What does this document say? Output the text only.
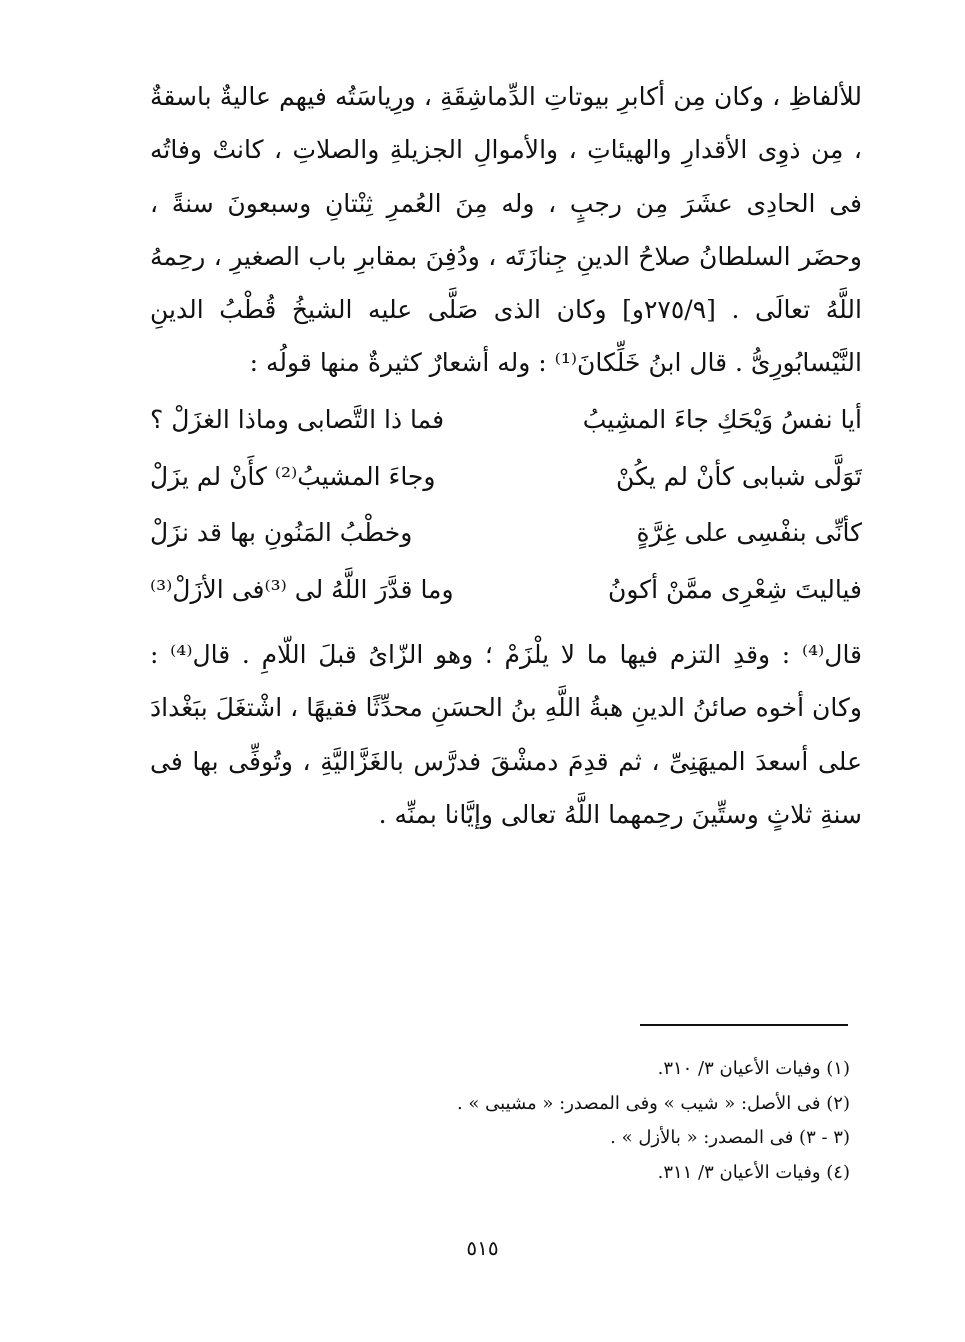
للألفاظِ ، وكان مِن أكابرِ بيوتاتِ الدِّماشِقَةِ ، ورِياسَتُه فيهم عاليةٌ باسقةٌ ، مِن ذوِى الأقدارِ والهيئاتِ ، والأموالِ الجزيلةِ والصلاتِ ، كانتْ وفاتُه فى الحادِى عشَرَ مِن رجبٍ ، وله مِنَ العُمرِ ثِنْتانِ وسبعونَ سنةً ، وحضَر السلطانُ صلاحُ الدينِ جِنازَتَه ، ودُفِنَ بمقابرِ باب الصغيرِ ، رحِمهُ اللَّهُ تعالَى . [٢٧٥/٩و] وكان الذى صَلَّى عليه الشيخُ قُطْبُ الدينِ النَّيْسابُورِىُّ . قال ابنُ خَلِّكانَ⁽¹⁾ : وله أشعارٌ كثيرةٌ منها قولُه :

أيا نفسُ وَيْحَكِ جاءَ المشِيبُ
فما ذا التَّصابى وماذا الغزَلْ ؟
تَوَلَّى شبابى كأنْ لم يكُنْ
وجاءَ المشيبُ⁽²⁾ كأَنْ لم يزَلْ
كأنِّى بنفْسِى على غِرَّةٍ
وخطْبُ المَنُونِ بها قد نزَلْ
فياليتَ شِعْرِى ممَّنْ أكونُ
وما قدَّرَ اللَّهُ لى ⁽³⁾فى الأزَلْ⁽³⁾

قال⁽⁴⁾ : وقدِ التزم فيها ما لا يلْزَمْ ؛ وهو الزّاىُ قبلَ اللّامِ . قال⁽⁴⁾ : وكان أخوه صائنُ الدينِ هبةُ اللَّهِ بنُ الحسَنِ محدِّثًا فقيهًا ، اشْتغَلَ ببَغْدادَ على أسعدَ الميهَنِىِّ ، ثم قدِمَ دمشْقَ فدرَّس بالغَزَّاليَّةِ ، وتُوفِّى بها فى سنةِ ثلاثٍ وستِّينَ رحِمهما اللَّهُ تعالى وإيَّانا بمنِّه .

(١) وفيات الأعيان ٣/ ٣١٠.
(٢) فى الأصل: « شيب » وفى المصدر: « مشيبى » .
(٣ - ٣) فى المصدر: « بالأزل » .
(٤) وفيات الأعيان ٣/ ٣١١.
٥١٥
